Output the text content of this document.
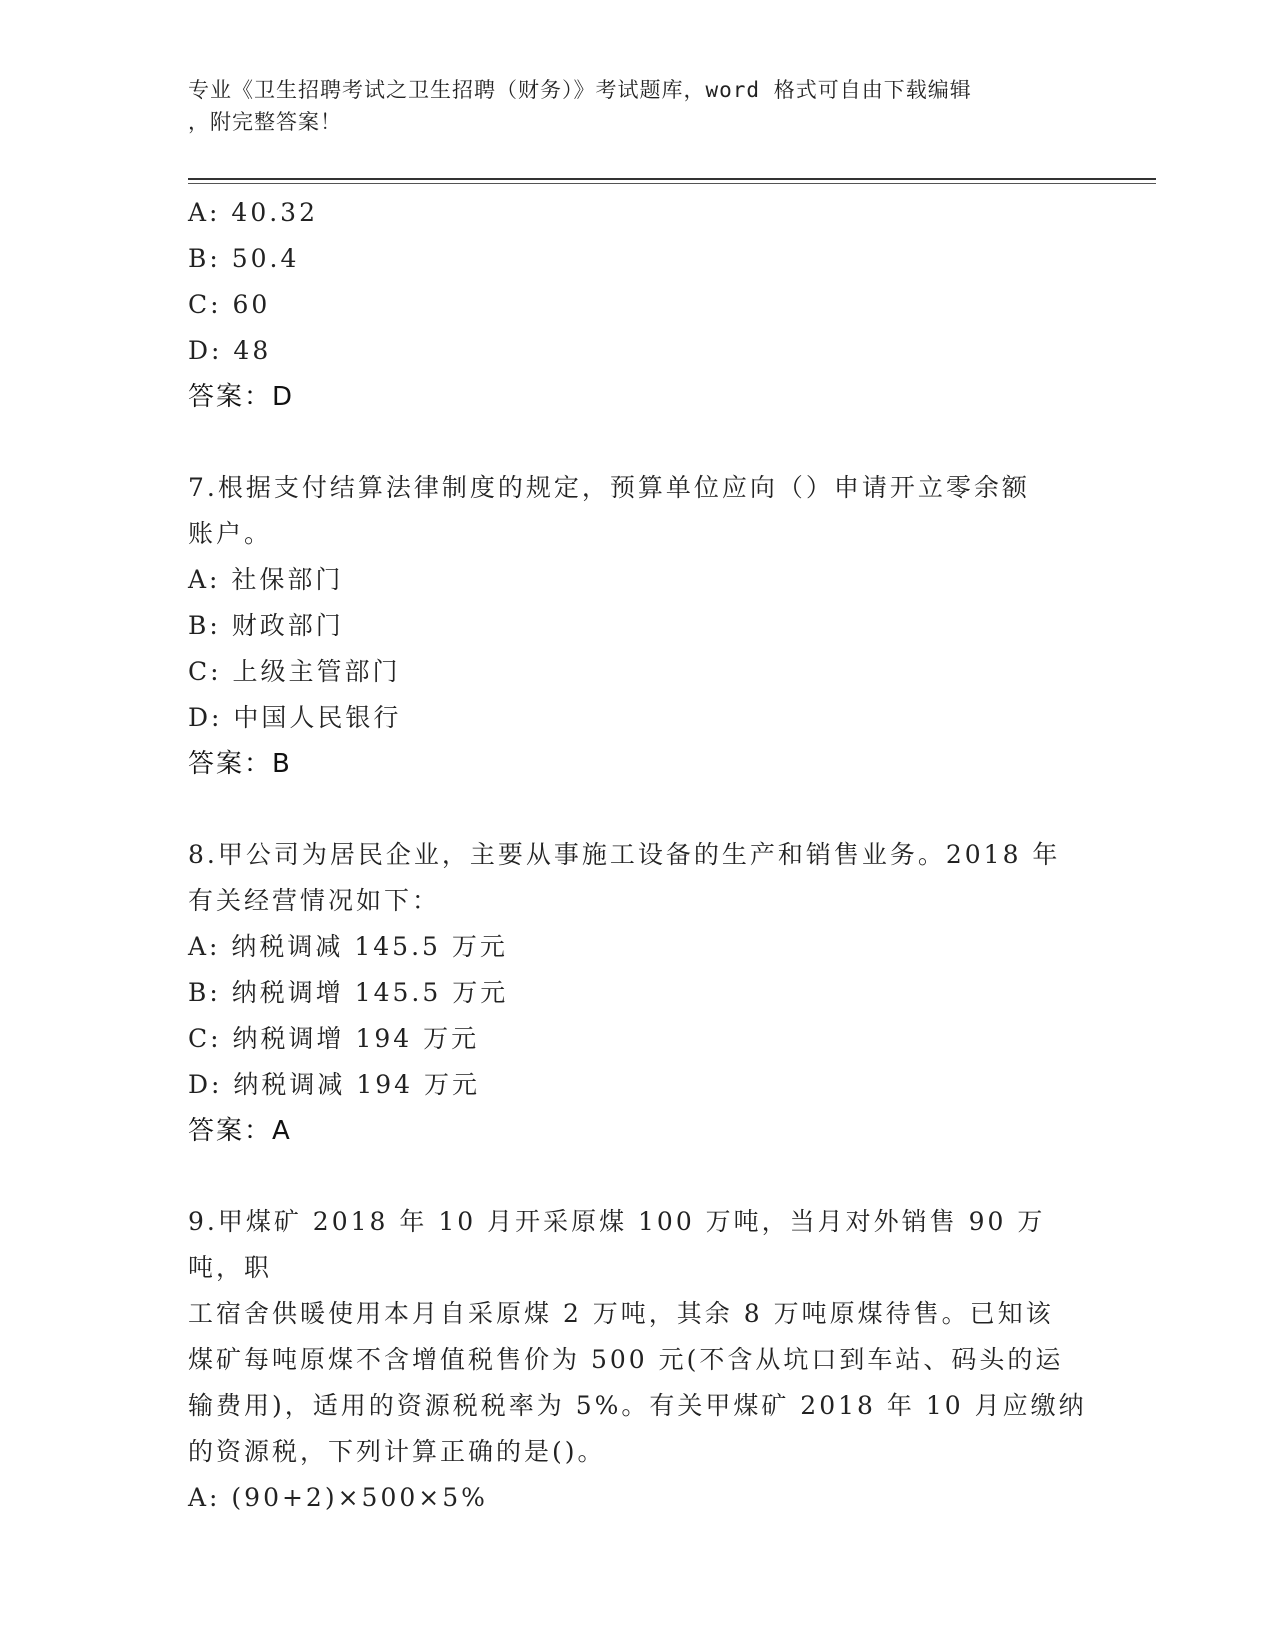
专业《卫生招聘考试之卫生招聘（财务）》考试题库，word 格式可自由下载编辑
，附完整答案！
A: 40.32
B: 50.4
C: 60
D: 48
答案：D
7.根据支付结算法律制度的规定，预算单位应向（）申请开立零余额
账户。
A: 社保部门
B: 财政部门
C: 上级主管部门
D: 中国人民银行
答案：B
8.甲公司为居民企业，主要从事施工设备的生产和销售业务。2018 年
有关经营情况如下：
A: 纳税调减 145.5 万元
B: 纳税调增 145.5 万元
C: 纳税调增 194 万元
D: 纳税调减 194 万元
答案：A
9.甲煤矿 2018 年 10 月开采原煤 100 万吨，当月对外销售 90 万吨，职
工宿舍供暖使用本月自采原煤 2 万吨，其余 8 万吨原煤待售。已知该
煤矿每吨原煤不含增值税售价为 500 元(不含从坑口到车站、码头的运
输费用)，适用的资源税税率为 5%。有关甲煤矿 2018 年 10 月应缴纳
的资源税，下列计算正确的是()。
A: (90+2)×500×5%
